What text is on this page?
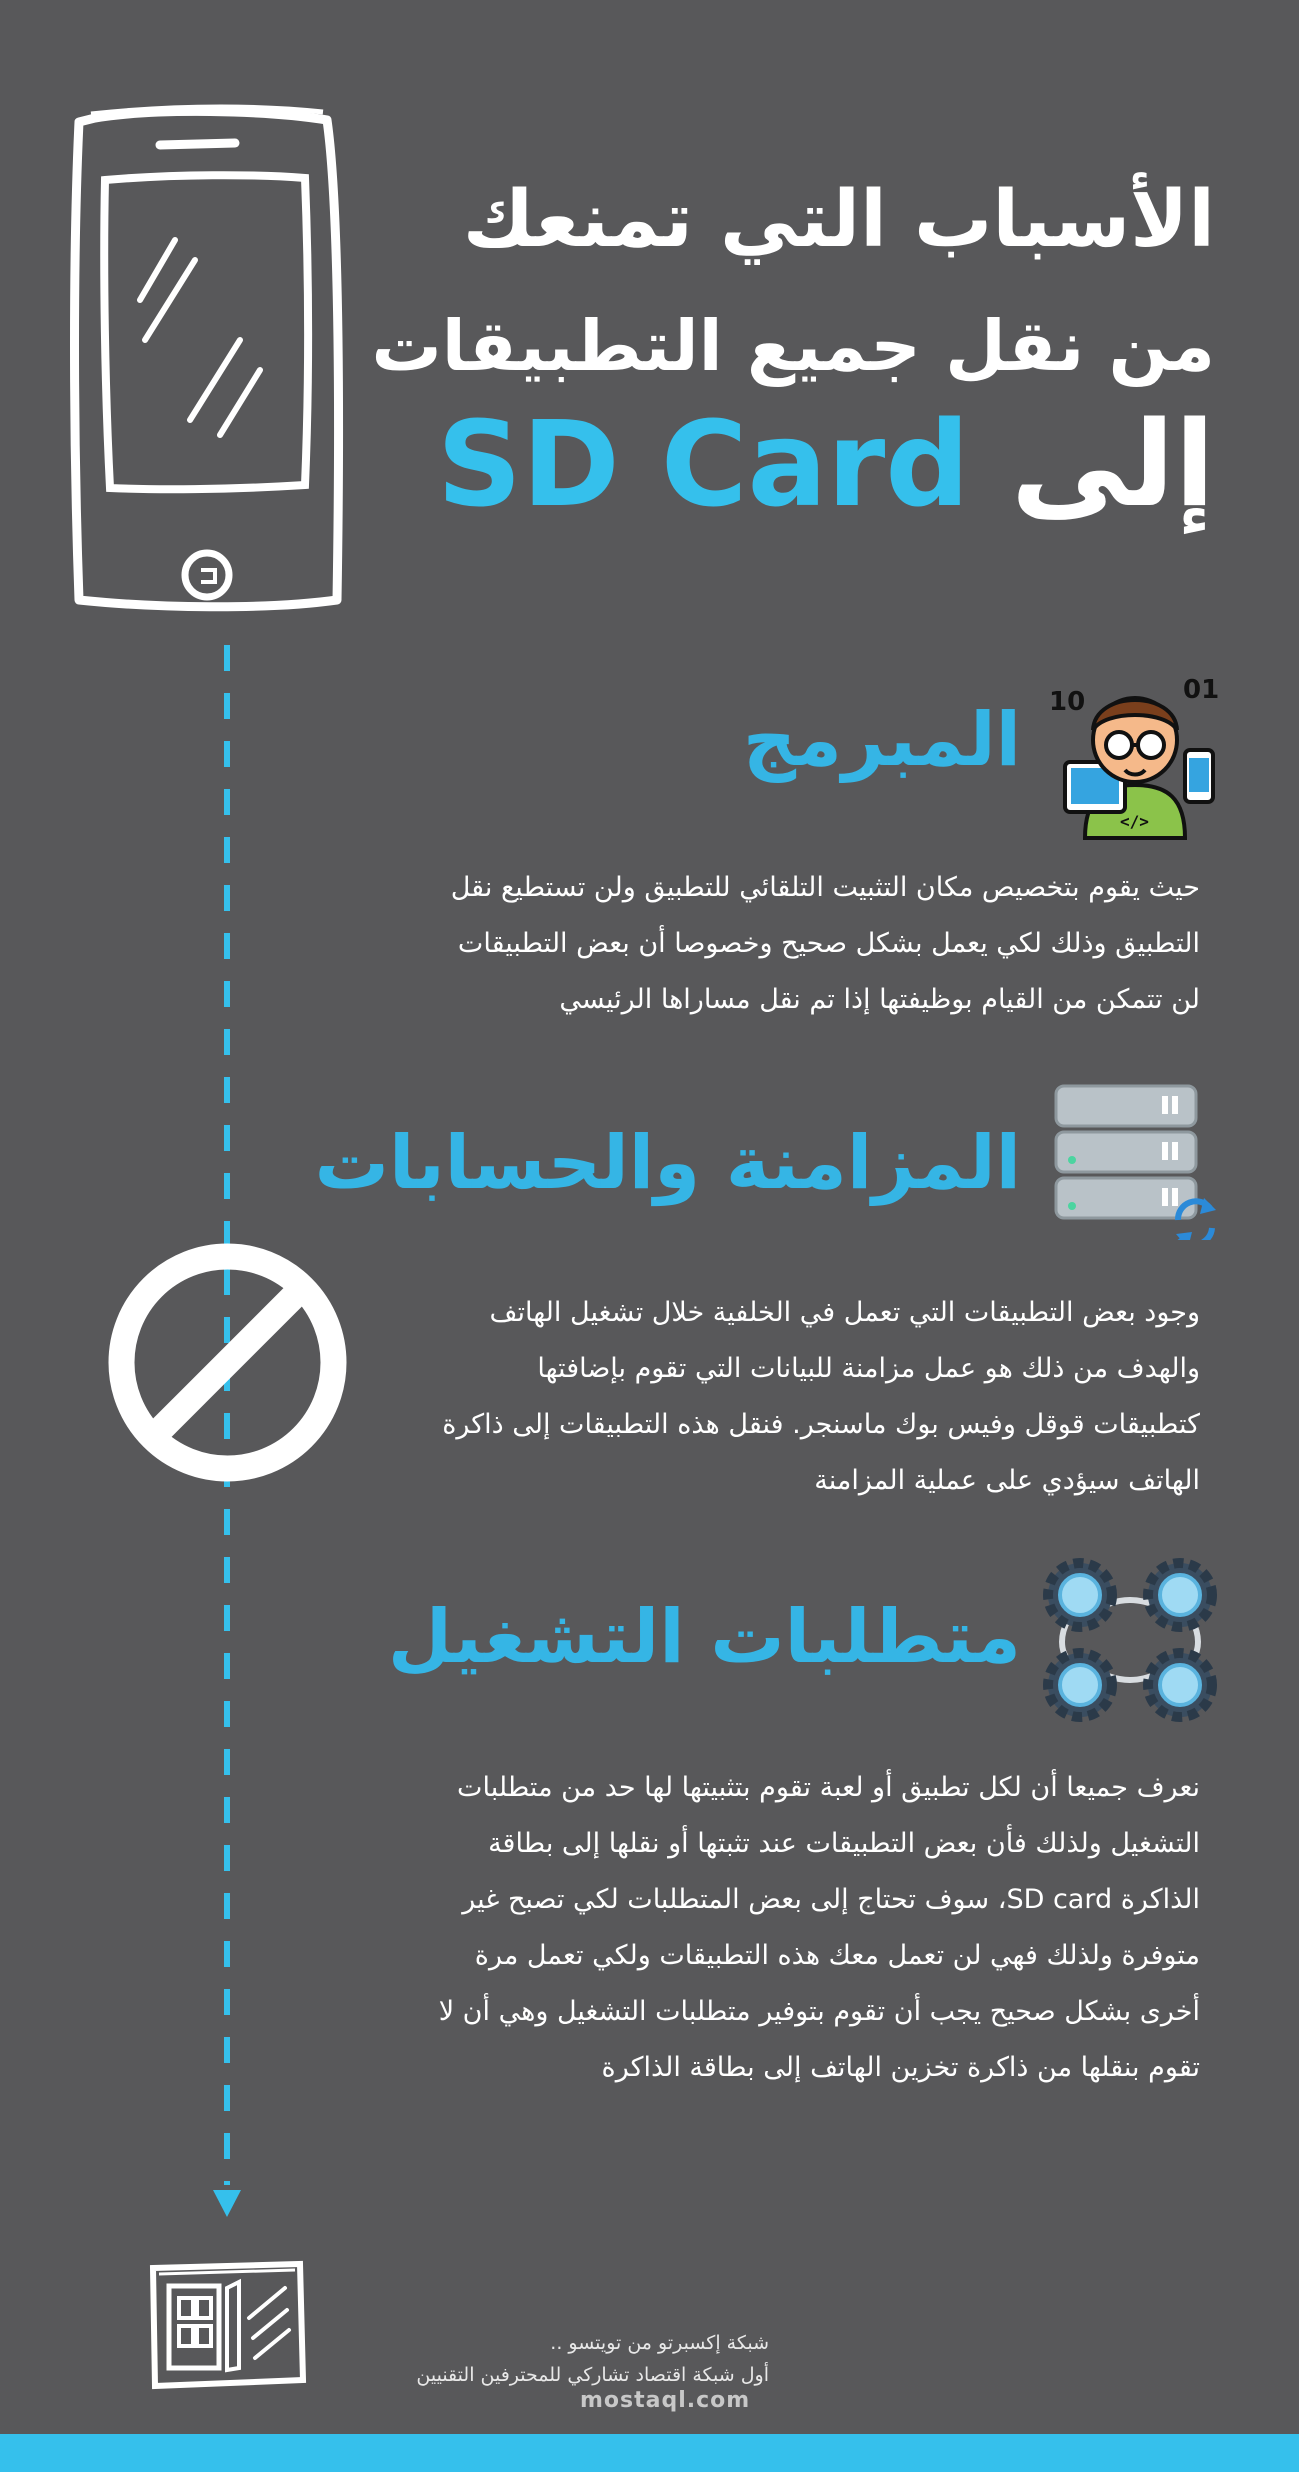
الأسباب التي تمنعك
من نقل جميع التطبيقات
إلى SD Card
10	01
</>
المبرمج
حيث يقوم بتخصيص مكان التثبيت التلقائي للتطبيق ولن تستطيع نقل
التطبيق وذلك لكي يعمل بشكل صحيح وخصوصا أن بعض التطبيقات
لن تتمكن من القيام بوظيفتها إذا تم نقل مساراها الرئيسي
المزامنة والحسابات
وجود بعض التطبيقات التي تعمل في الخلفية خلال تشغيل الهاتف
والهدف من ذلك هو عمل مزامنة للبيانات التي تقوم بإضافتها
كتطبيقات قوقل وفيس بوك ماسنجر. فنقل هذه التطبيقات إلى ذاكرة
الهاتف سيؤدي على عملية المزامنة
متطلبات التشغيل
نعرف جميعا أن لكل تطبيق أو لعبة تقوم بتثبيتها لها حد من متطلبات
التشغيل ولذلك فأن بعض التطبيقات عند تثبتها أو نقلها إلى بطاقة
الذاكرة SD card، سوف تحتاج إلى بعض المتطلبات لكي تصبح غير
متوفرة ولذلك فهي لن تعمل معك هذه التطبيقات ولكي تعمل مرة
أخرى بشكل صحيح يجب أن تقوم بتوفير متطلبات التشغيل وهي أن لا
تقوم بنقلها من ذاكرة تخزين الهاتف إلى بطاقة الذاكرة
شبكة إكسبرتو من تويتسو ..
أول شبكة اقتصاد تشاركي للمحترفين التقنيين
mostaql.com
